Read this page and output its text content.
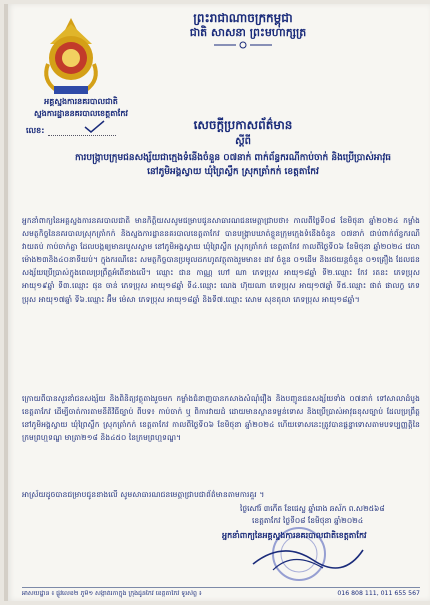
ព្រះរាជាណាចក្រកម្ពុជា
ជាតិ សាសនា ព្រះមហាក្សត្រ
អគ្គស្នងការនគរបាលជាតិ
ស្នងការដ្ឋាននគរបាលខេត្តតាកែវ
លេខ:	សេចក្តីប្រកាសព័ត៌មាន
ស្តីពី
ការបង្ក្រាបក្រុមជនសង្ស័យជាក្មេងទំនើងចំនួន ០៧នាក់ ពាក់ព័ន្ធករណីកាប់ចាក់ និងប្រើប្រាស់អាវុធ នៅភូមិអង្គស្វាយ ឃុំព្រៃស្លឹក ស្រុកត្រាំកក់ ខេត្តតាកែវ
អ្នកនាំពាក្យនៃអគ្គស្នងការនគរបាលជាតិ មានកិត្តិយសសូមជម្រាបជូនសាធារណជនមេត្តាជ្រាបថា៖ កាលពីថ្ងៃទី០៨ ខែមិថុនា ឆ្នាំ២០២៤ កម្លាំងសមត្ថកិច្ចនៃនគរបាលស្រុកត្រាំកក់ និងស្នងការដ្ឋាននគរបាលខេត្តតាកែវ បានបង្ក្រាបឃាត់ខ្លួនក្រុមក្មេងទំនើងចំនួន ០៧នាក់ ជាប់ពាក់ព័ន្ធករណីវាយតប់ កាប់ចាក់គ្នា ដែលបង្កឲ្យមានរបួសស្នាម នៅភូមិអង្គស្វាយ ឃុំព្រៃស្លឹក ស្រុកត្រាំកក់ ខេត្តតាកែវ កាលពីថ្ងៃទី០៦ ខែមិថុនា ឆ្នាំ២០២៤ វេលាម៉ោង២៣និង៤០នាទីយប់។ ក្នុងករណីនេះ សមត្ថកិច្ចបានប្រមូលដកហូតវត្ថុតាងរួមមាន៖ ដាវ ចំនួន ០១ដើម និងរថយន្តចំនួន ០១គ្រឿង ដែលជនសង្ស័យប្រើប្រាស់ក្នុងពេលប្រព្រឹត្តអំពើខាងលើ។ ឈ្មោះ ជាន កាណ្ណ ហៅ ណា ភេទប្រុស អាយុ១៨ឆ្នាំ ទី២.ឈ្មោះ កែវ រតនះ ភេទប្រុស អាយុ១៩ឆ្នាំ ទី៣.ឈ្មោះ ផុន ចាន់ ភេទប្រុស អាយុ១៨ឆ្នាំ ទី៤.ឈ្មោះ ណេង ហ៊ុយណា ភេទប្រុស អាយុ១៧ឆ្នាំ ទី៥.ឈ្មោះ ផាត់ ផាលក្ខ ភេទប្រុស អាយុ១៧ឆ្នាំ ទី៦.ឈ្មោះ អ៊ឹម ម៉េសា ភេទប្រុស អាយុ១៨ឆ្នាំ និងទី៧.ឈ្មោះ សោម សុខតុលា ភេទប្រុស អាយុ១៨ឆ្នាំ។
ក្រោយពីបានសួរនាំជនសង្ស័យ និងពិនិត្យវត្ថុតាងរួចមក កម្លាំងជំនាញបានកសាងសំណុំរឿង និងបញ្ជូនជនសង្ស័យទាំង ០៧នាក់ ទៅសាលាដំបូងខេត្តតាកែវ ដើម្បីចាត់ការតាមនីតិវិធីច្បាប់ ពីបទ៖ កាប់ចាក់ ឬ ពិការវាយដំ ដោយមានស្ថានទម្ងន់ទោស និងប្រើប្រាស់អាវុធខុសច្បាប់ ដែលប្រព្រឹត្តនៅភូមិអង្គស្វាយ ឃុំព្រៃស្លឹក ស្រុកត្រាំកក់ ខេត្តតាកែវ កាលពីថ្ងៃទី០៦ ខែមិថុនា ឆ្នាំ២០២៤ ហើយទោសនេះត្រូវបានផ្តន្ទាទោសតាមបទប្បញ្ញត្តិនៃក្រមព្រហ្មទណ្ឌ មាត្រា២១៨ និង៤៥០ នៃក្រមព្រហ្មទណ្ឌ។
អាស្រ័យដូចបានជម្រាបជូនខាងលើ សូមសាធារណជនមេត្តាជ្រាបជាព័ត៌មានតាមការគួរ ។
ថ្ងៃសៅរ៍ ៣កើត ខែជេស្ឋ ឆ្នាំរោង ឆស័ក ព.ស២៥៦៨
ខេត្តតាកែវ ថ្ងៃទី០៨ ខែមិថុនា ឆ្នាំ២០២៤
អ្នកនាំពាក្យនៃអគ្គស្នងការនគរបាលជាតិខេត្តតាកែវ
អាសយដ្ឋាន ៖ ផ្លូវលេខ២ ភូមិ១ សង្កាត់រកាក្នុង ក្រុងដូនកែវ ខេត្តតាកែវ ទូរស័ព្ទ ៖	016 808 111, 011 655 567
